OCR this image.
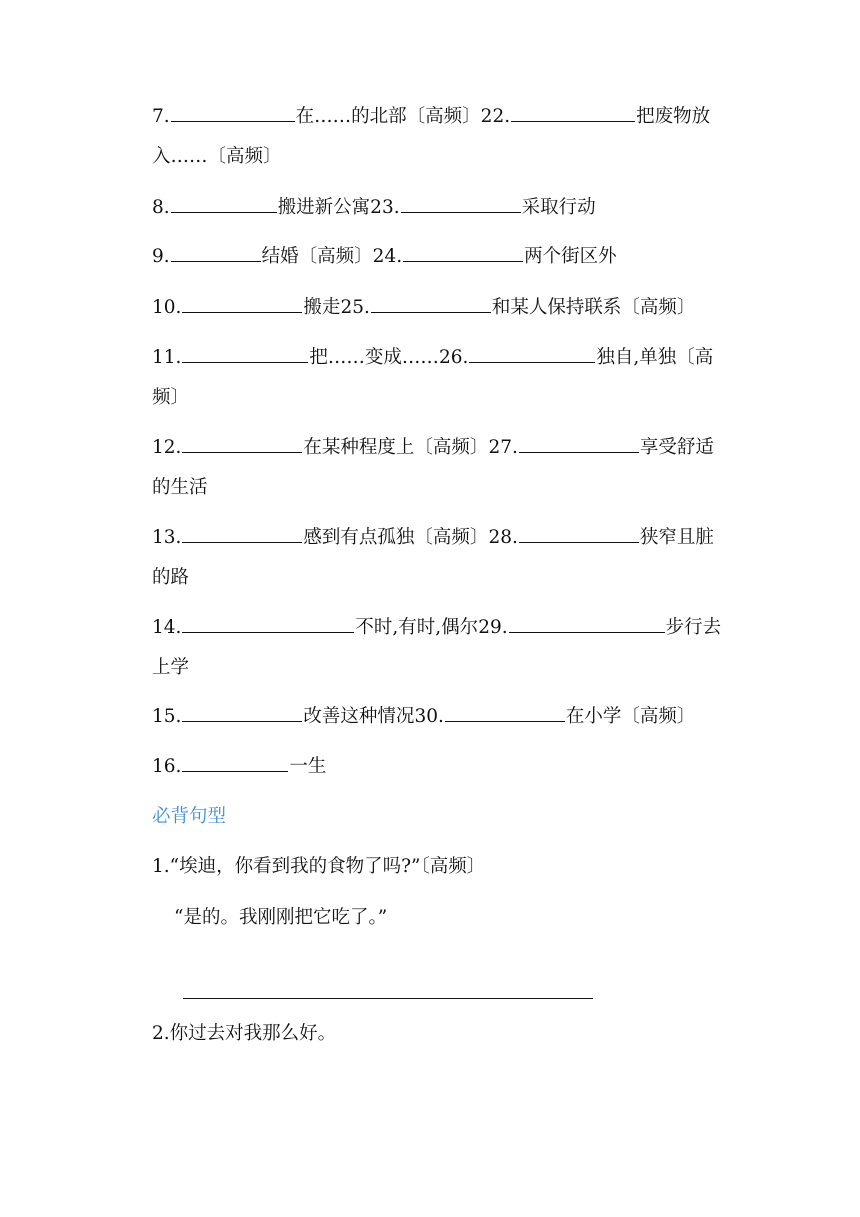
7.	在……的北部〔高频〕22.	把废物放入……〔高频〕
8.	搬进新公寓23.	采取行动
9.	结婚〔高频〕24.	两个街区外
10.	搬走25.	和某人保持联系〔高频〕
11.	把……变成……26.	独自,单独〔高频〕
12.	在某种程度上〔高频〕27.	享受舒适的生活
13.	感到有点孤独〔高频〕28.	狭窄且脏的路
14.	不时,有时,偶尔29.	步行去上学
15.	改善这种情况30.	在小学〔高频〕
16.	一生
必背句型
1.“埃迪，你看到我的食物了吗?”〔高频〕
“是的。我刚刚把它吃了。”
2.你过去对我那么好。
